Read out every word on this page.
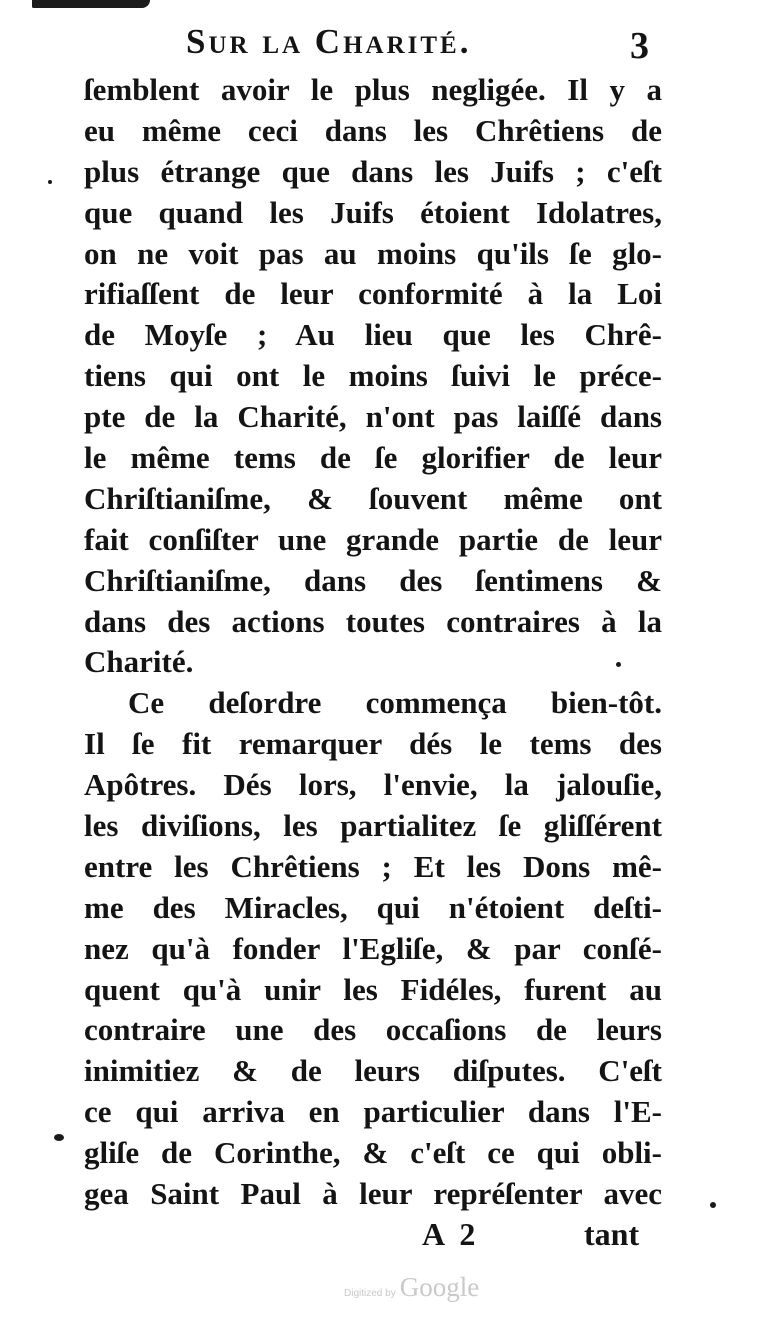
Sur la Charité.	3
ſemblent avoir le plus negligée. Il y a
eu même ceci dans les Chrêtiens de
plus étrange que dans les Juifs ; c'eſt
que quand les Juifs étoient Idolatres,
on ne voit pas au moins qu'ils ſe glo-
rifiaſſent de leur conformité à la Loi
de Moyſe ; Au lieu que les Chrê-
tiens qui ont le moins ſuivi le préce-
pte de la Charité, n'ont pas laiſſé dans
le même tems de ſe glorifier de leur
Chriſtianiſme, & ſouvent même ont
fait conſiſter une grande partie de leur
Chriſtianiſme, dans des ſentimens &
dans des actions toutes contraires à la
Charité.
Ce deſordre commença bien-tôt.
Il ſe fit remarquer dés le tems des
Apôtres. Dés lors, l'envie, la jalouſie,
les diviſions, les partialitez ſe gliſſérent
entre les Chrêtiens ; Et les Dons mê-
me des Miracles, qui n'étoient deſti-
nez qu'à fonder l'Egliſe, & par conſé-
quent qu'à unir les Fidéles, furent au
contraire une des occaſions de leurs
inimitiez & de leurs diſputes. C'eſt
ce qui arriva en particulier dans l'E-
gliſe de Corinthe, & c'eſt ce qui obli-
gea Saint Paul à leur repréſenter avec
A 2	tant
Digitized by Google
